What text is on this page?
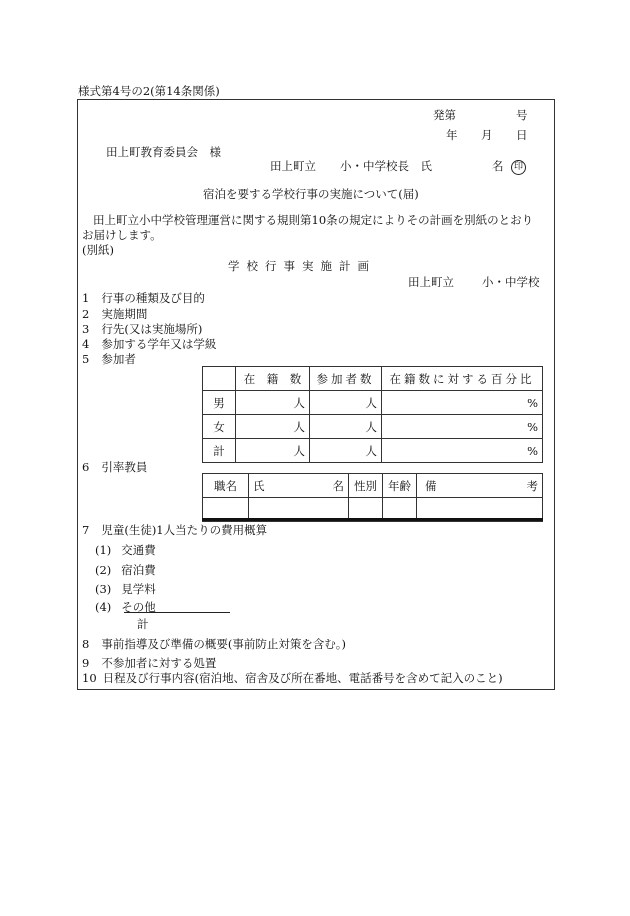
様式第4号の2(第14条関係)
発第	号
年 月 日
田上町教育委員会　様
田上町立 小・中学校長　氏	名	印
宿泊を要する学校行事の実施について(届)
田上町立小中学校管理運営に関する規則第10条の規定によりその計画を別紙のとおり
お届けします。
(別紙)
学校行事実施計画
田上町立 小・中学校
1 行事の種類及び目的
2 実施期間
3 行先(又は実施場所)
4 参加する学年又は学級
5 参加者
	在　籍　数	参加者数	在籍数に対する百分比
男	人	人	%
女	人	人	%
計	人	人	%
6 引率教員
職名	氏 名	性別	年齢	備 考

7 児童(生徒)1人当たりの費用概算
(1) 交通費
(2) 宿泊費
(3) 見学料
(4) その他
計
8 事前指導及び準備の概要(事前防止対策を含む。)
9 不参加者に対する処置
10 日程及び行事内容(宿泊地、宿舎及び所在番地、電話番号を含めて記入のこと)
